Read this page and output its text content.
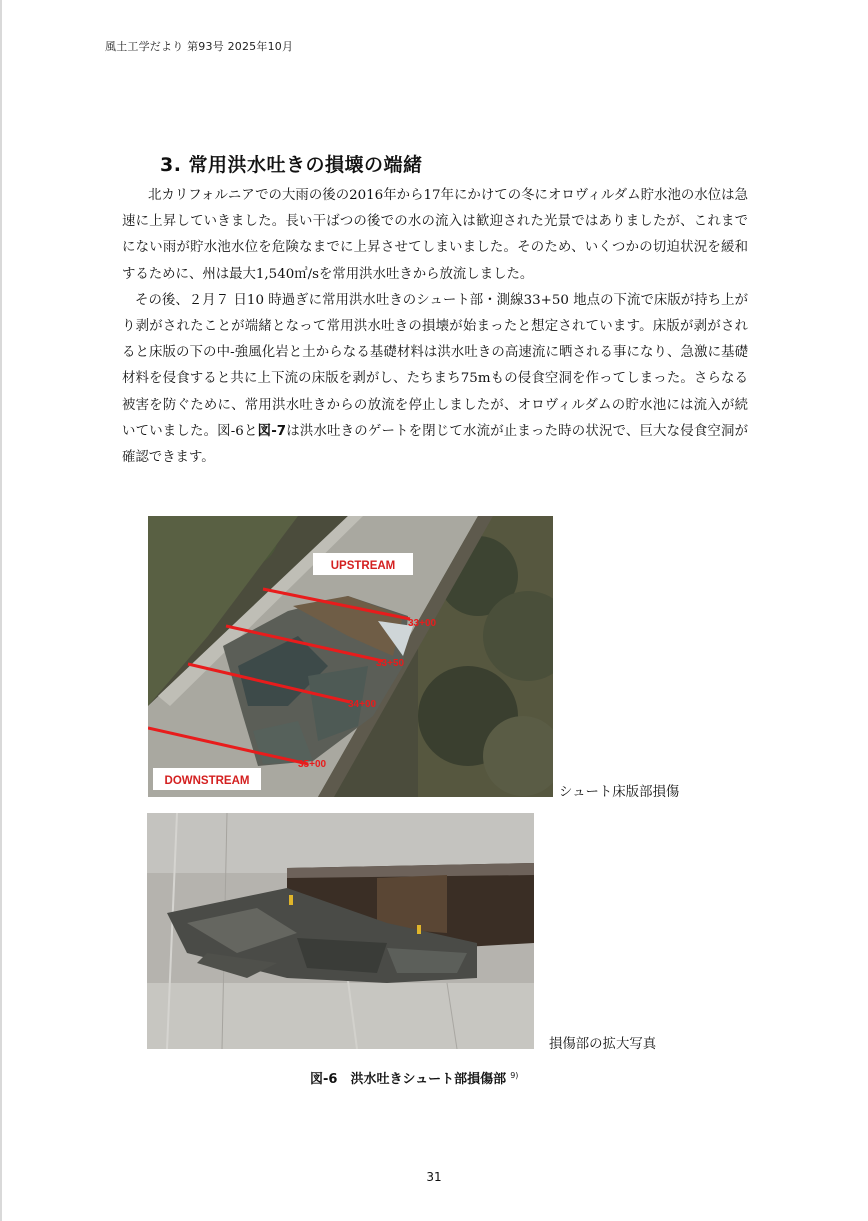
風土工学だより 第93号 2025年10月
3. 常用洪水吐きの損壊の端緒

北カリフォルニアでの大雨の後の2016年から17年にかけての冬にオロヴィルダム貯水池の水位は急速に上昇していきました。長い干ばつの後での水の流入は歓迎された光景ではありましたが、これまでにない雨が貯水池水位を危険なまでに上昇させてしまいました。そのため、いくつかの切迫状況を緩和するために、州は最大1,540㎥/sを常用洪水吐きから放流しました。

その後、２月７ 日10 時過ぎに常用洪水吐きのシュート部・測線33+50 地点の下流で床版が持ち上がり剥がされたことが端緒となって常用洪水吐きの損壊が始まったと想定されています。床版が剥がされると床版の下の中-強風化岩と土からなる基礎材料は洪水吐きの高速流に晒される事になり、急激に基礎材料を侵食すると共に上下流の床版を剥がし、たちまち75mもの侵食空洞を作ってしまった。さらなる被害を防ぐために、常用洪水吐きからの放流を停止しましたが、オロヴィルダムの貯水池には流入が続いていました。図-6と図-7は洪水吐きのゲートを閉じて水流が止まった時の状況で、巨大な侵食空洞が確認できます。

33+00
33+50
34+00
35+00
UPSTREAM
DOWNSTREAM
シュート床版部損傷
損傷部の拡大写真
図-6　洪水吐きシュート部損傷部 $^{9)}$
31
